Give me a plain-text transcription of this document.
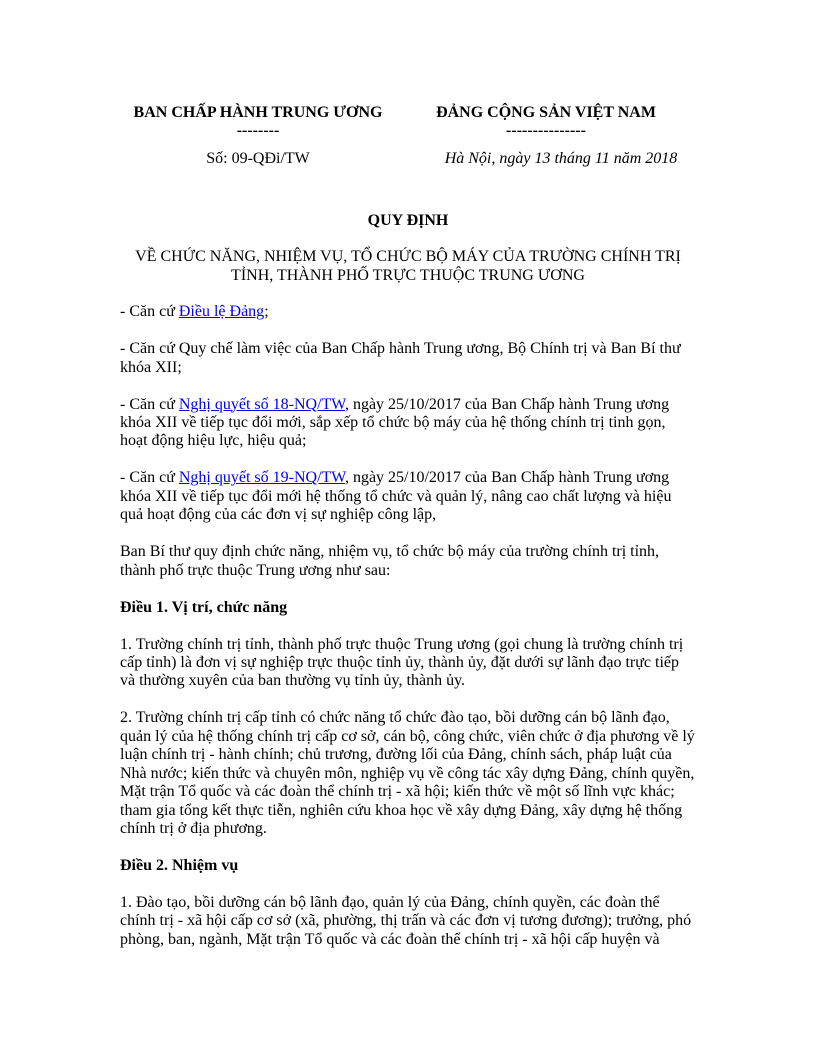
BAN CHẤP HÀNH TRUNG ƯƠNG
--------
ĐẢNG CỘNG SẢN VIỆT NAM
---------------
Số: 09-QĐi/TW	Hà Nội, ngày 13 tháng 11 năm 2018

QUY ĐỊNH

VỀ CHỨC NĂNG, NHIỆM VỤ, TỔ CHỨC BỘ MÁY CỦA TRƯỜNG CHÍNH TRỊ TỈNH, THÀNH PHỐ TRỰC THUỘC TRUNG ƯƠNG

- Căn cứ Điều lệ Đảng;

- Căn cứ Quy chế làm việc của Ban Chấp hành Trung ương, Bộ Chính trị và Ban Bí thư khóa XII;

- Căn cứ Nghị quyết số 18-NQ/TW, ngày 25/10/2017 của Ban Chấp hành Trung ương khóa XII về tiếp tục đổi mới, sắp xếp tổ chức bộ máy của hệ thống chính trị tinh gọn, hoạt động hiệu lực, hiệu quả;

- Căn cứ Nghị quyết số 19-NQ/TW, ngày 25/10/2017 của Ban Chấp hành Trung ương khóa XII về tiếp tục đổi mới hệ thống tổ chức và quản lý, nâng cao chất lượng và hiệu quả hoạt động của các đơn vị sự nghiệp công lập,

Ban Bí thư quy định chức năng, nhiệm vụ, tổ chức bộ máy của trường chính trị tỉnh, thành phố trực thuộc Trung ương như sau:

Điều 1. Vị trí, chức năng

1. Trường chính trị tỉnh, thành phố trực thuộc Trung ương (gọi chung là trường chính trị cấp tỉnh) là đơn vị sự nghiệp trực thuộc tỉnh ủy, thành ủy, đặt dưới sự lãnh đạo trực tiếp và thường xuyên của ban thường vụ tỉnh ủy, thành ủy.

2. Trường chính trị cấp tỉnh có chức năng tổ chức đào tạo, bồi dưỡng cán bộ lãnh đạo, quản lý của hệ thống chính trị cấp cơ sở, cán bộ, công chức, viên chức ở địa phương về lý luận chính trị - hành chính; chủ trương, đường lối của Đảng, chính sách, pháp luật của Nhà nước; kiến thức và chuyên môn, nghiệp vụ về công tác xây dựng Đảng, chính quyền, Mặt trận Tổ quốc và các đoàn thể chính trị - xã hội; kiến thức về một số lĩnh vực khác; tham gia tổng kết thực tiễn, nghiên cứu khoa học về xây dựng Đảng, xây dựng hệ thống chính trị ở địa phương.

Điều 2. Nhiệm vụ

1. Đào tạo, bồi dưỡng cán bộ lãnh đạo, quản lý của Đảng, chính quyền, các đoàn thể chính trị - xã hội cấp cơ sở (xã, phường, thị trấn và các đơn vị tương đương); trưởng, phó phòng, ban, ngành, Mặt trận Tổ quốc và các đoàn thể chính trị - xã hội cấp huyện và
